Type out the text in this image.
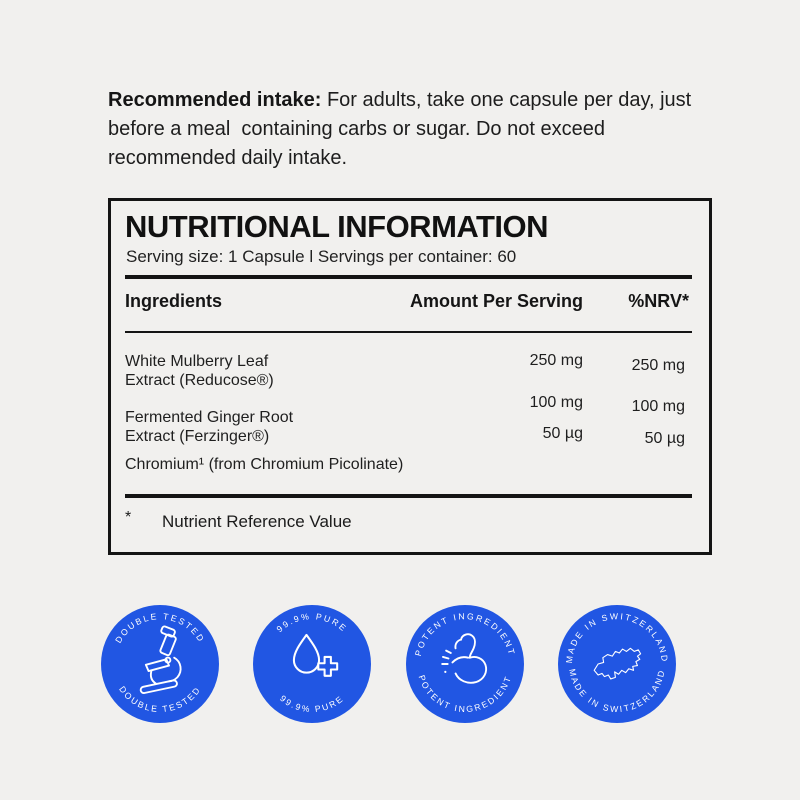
Recommended intake: For adults, take one capsule per day, just
before a meal  containing carbs or sugar. Do not exceed
recommended daily intake.
NUTRITIONAL INFORMATION
Serving size: 1 Capsule l Servings per container: 60
Ingredients	Amount Per Serving	%NRV*
White Mulberry Leaf
Extract (Reducose®)
250 mg	250 mg
Fermented Ginger Root
Extract (Ferzinger®)
100 mg	100 mg
Chromium¹ (from Chromium Picolinate)
50 µg	50 µg
* Nutrient Reference Value
DOUBLE TESTED
DOUBLE TESTED
99.9% PURE
99.9% PURE
POTENT INGREDIENT
POTENT INGREDIENT
MADE IN SWITZERLAND
MADE IN SWITZERLAND
